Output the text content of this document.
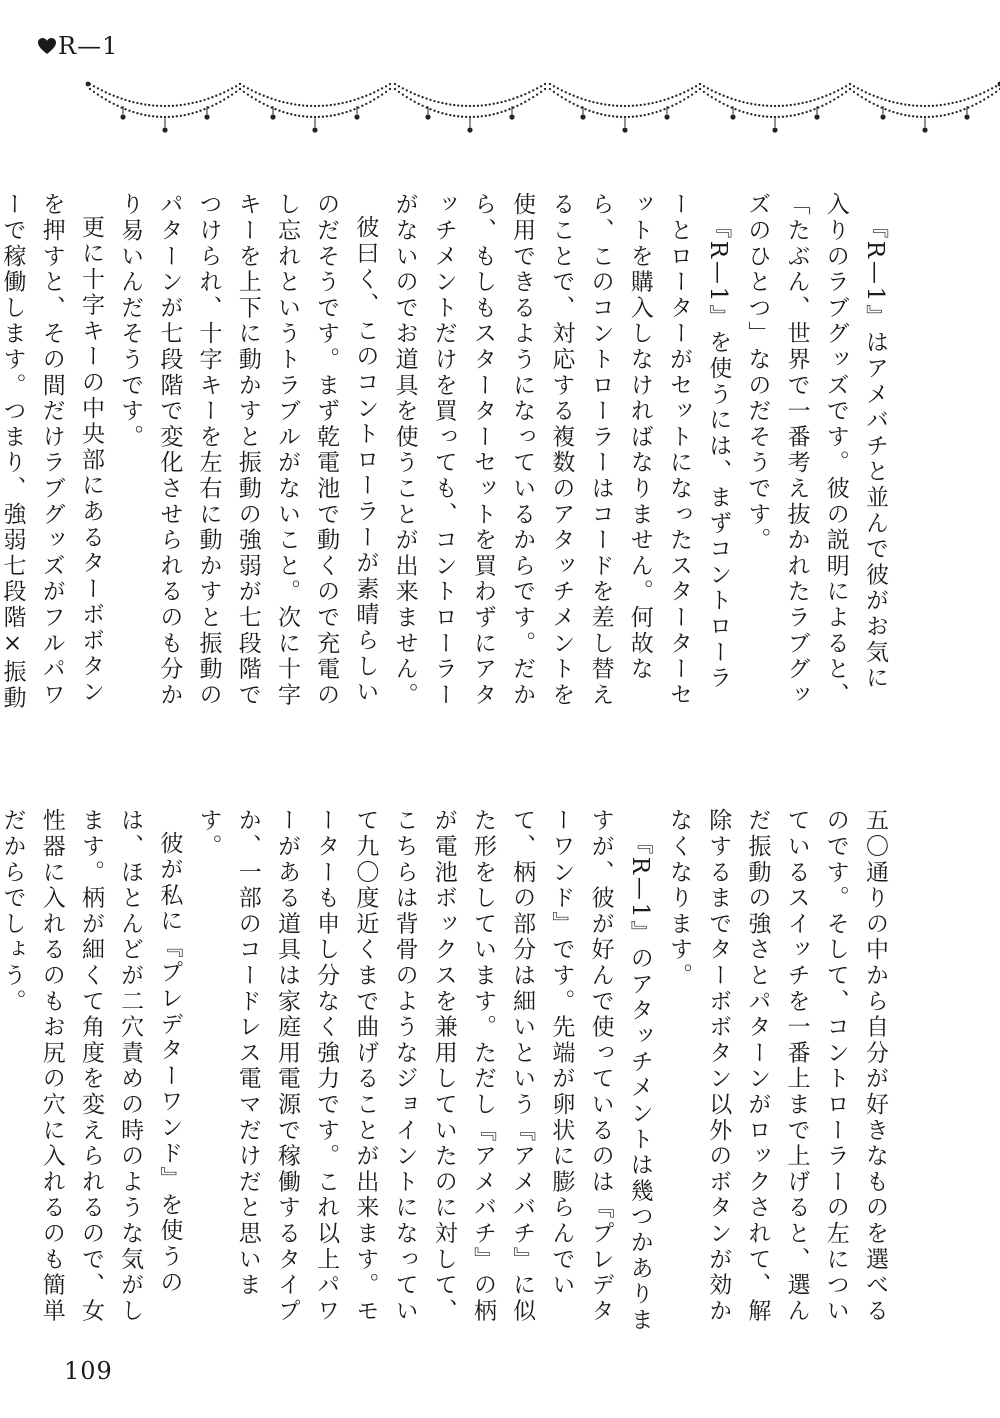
R—1

『R—1』はアメバチと並んで彼がお気に入りのラブグッズです。彼の説明によると、「たぶん、世界で一番考え抜かれたラブグッズのひとつ」なのだそうです。

『R—1』を使うには、まずコントローラーとローターがセットになったスターターセットを購入しなければなりません。何故なら、このコントローラーはコードを差し替えることで、対応する複数のアタッチメントを使用できるようになっているからです。だから、もしもスターターセットを買わずにアタッチメントだけを買っても、コントローラーがないのでお道具を使うことが出来ません。

彼曰く、このコントローラーが素晴らしいのだそうです。まず乾電池で動くので充電のし忘れというトラブルがないこと。次に十字キーを上下に動かすと振動の強弱が七段階でつけられ、十字キーを左右に動かすと振動のパターンが七段階で変化させられるのも分かり易いんだそうです。

更に十字キーの中央部にあるターボボタンを押すと、その間だけラブグッズがフルパワーで稼働します。つまり、強弱七段階×振動

五〇通りの中から自分が好きなものを選べるのです。そして、コントローラーの左についているスイッチを一番上まで上げると、選んだ振動の強さとパターンがロックされて、解除するまでターボボタン以外のボタンが効かなくなります。

『R—1』のアタッチメントは幾つかありますが、彼が好んで使っているのは『プレデターワンド』です。先端が卵状に膨らんでいて、柄の部分は細いという『アメバチ』に似た形をしています。ただし『アメバチ』の柄が電池ボックスを兼用していたのに対して、こちらは背骨のようなジョイントになっていて九〇度近くまで曲げることが出来ます。モーターも申し分なく強力です。これ以上パワーがある道具は家庭用電源で稼働するタイプか、一部のコードレス電マだけだと思います。

彼が私に『プレデターワンド』を使うのは、ほとんどが二穴責めの時のような気がします。柄が細くて角度を変えられるので、女性器に入れるのもお尻の穴に入れるのも簡単だからでしょう。

109
